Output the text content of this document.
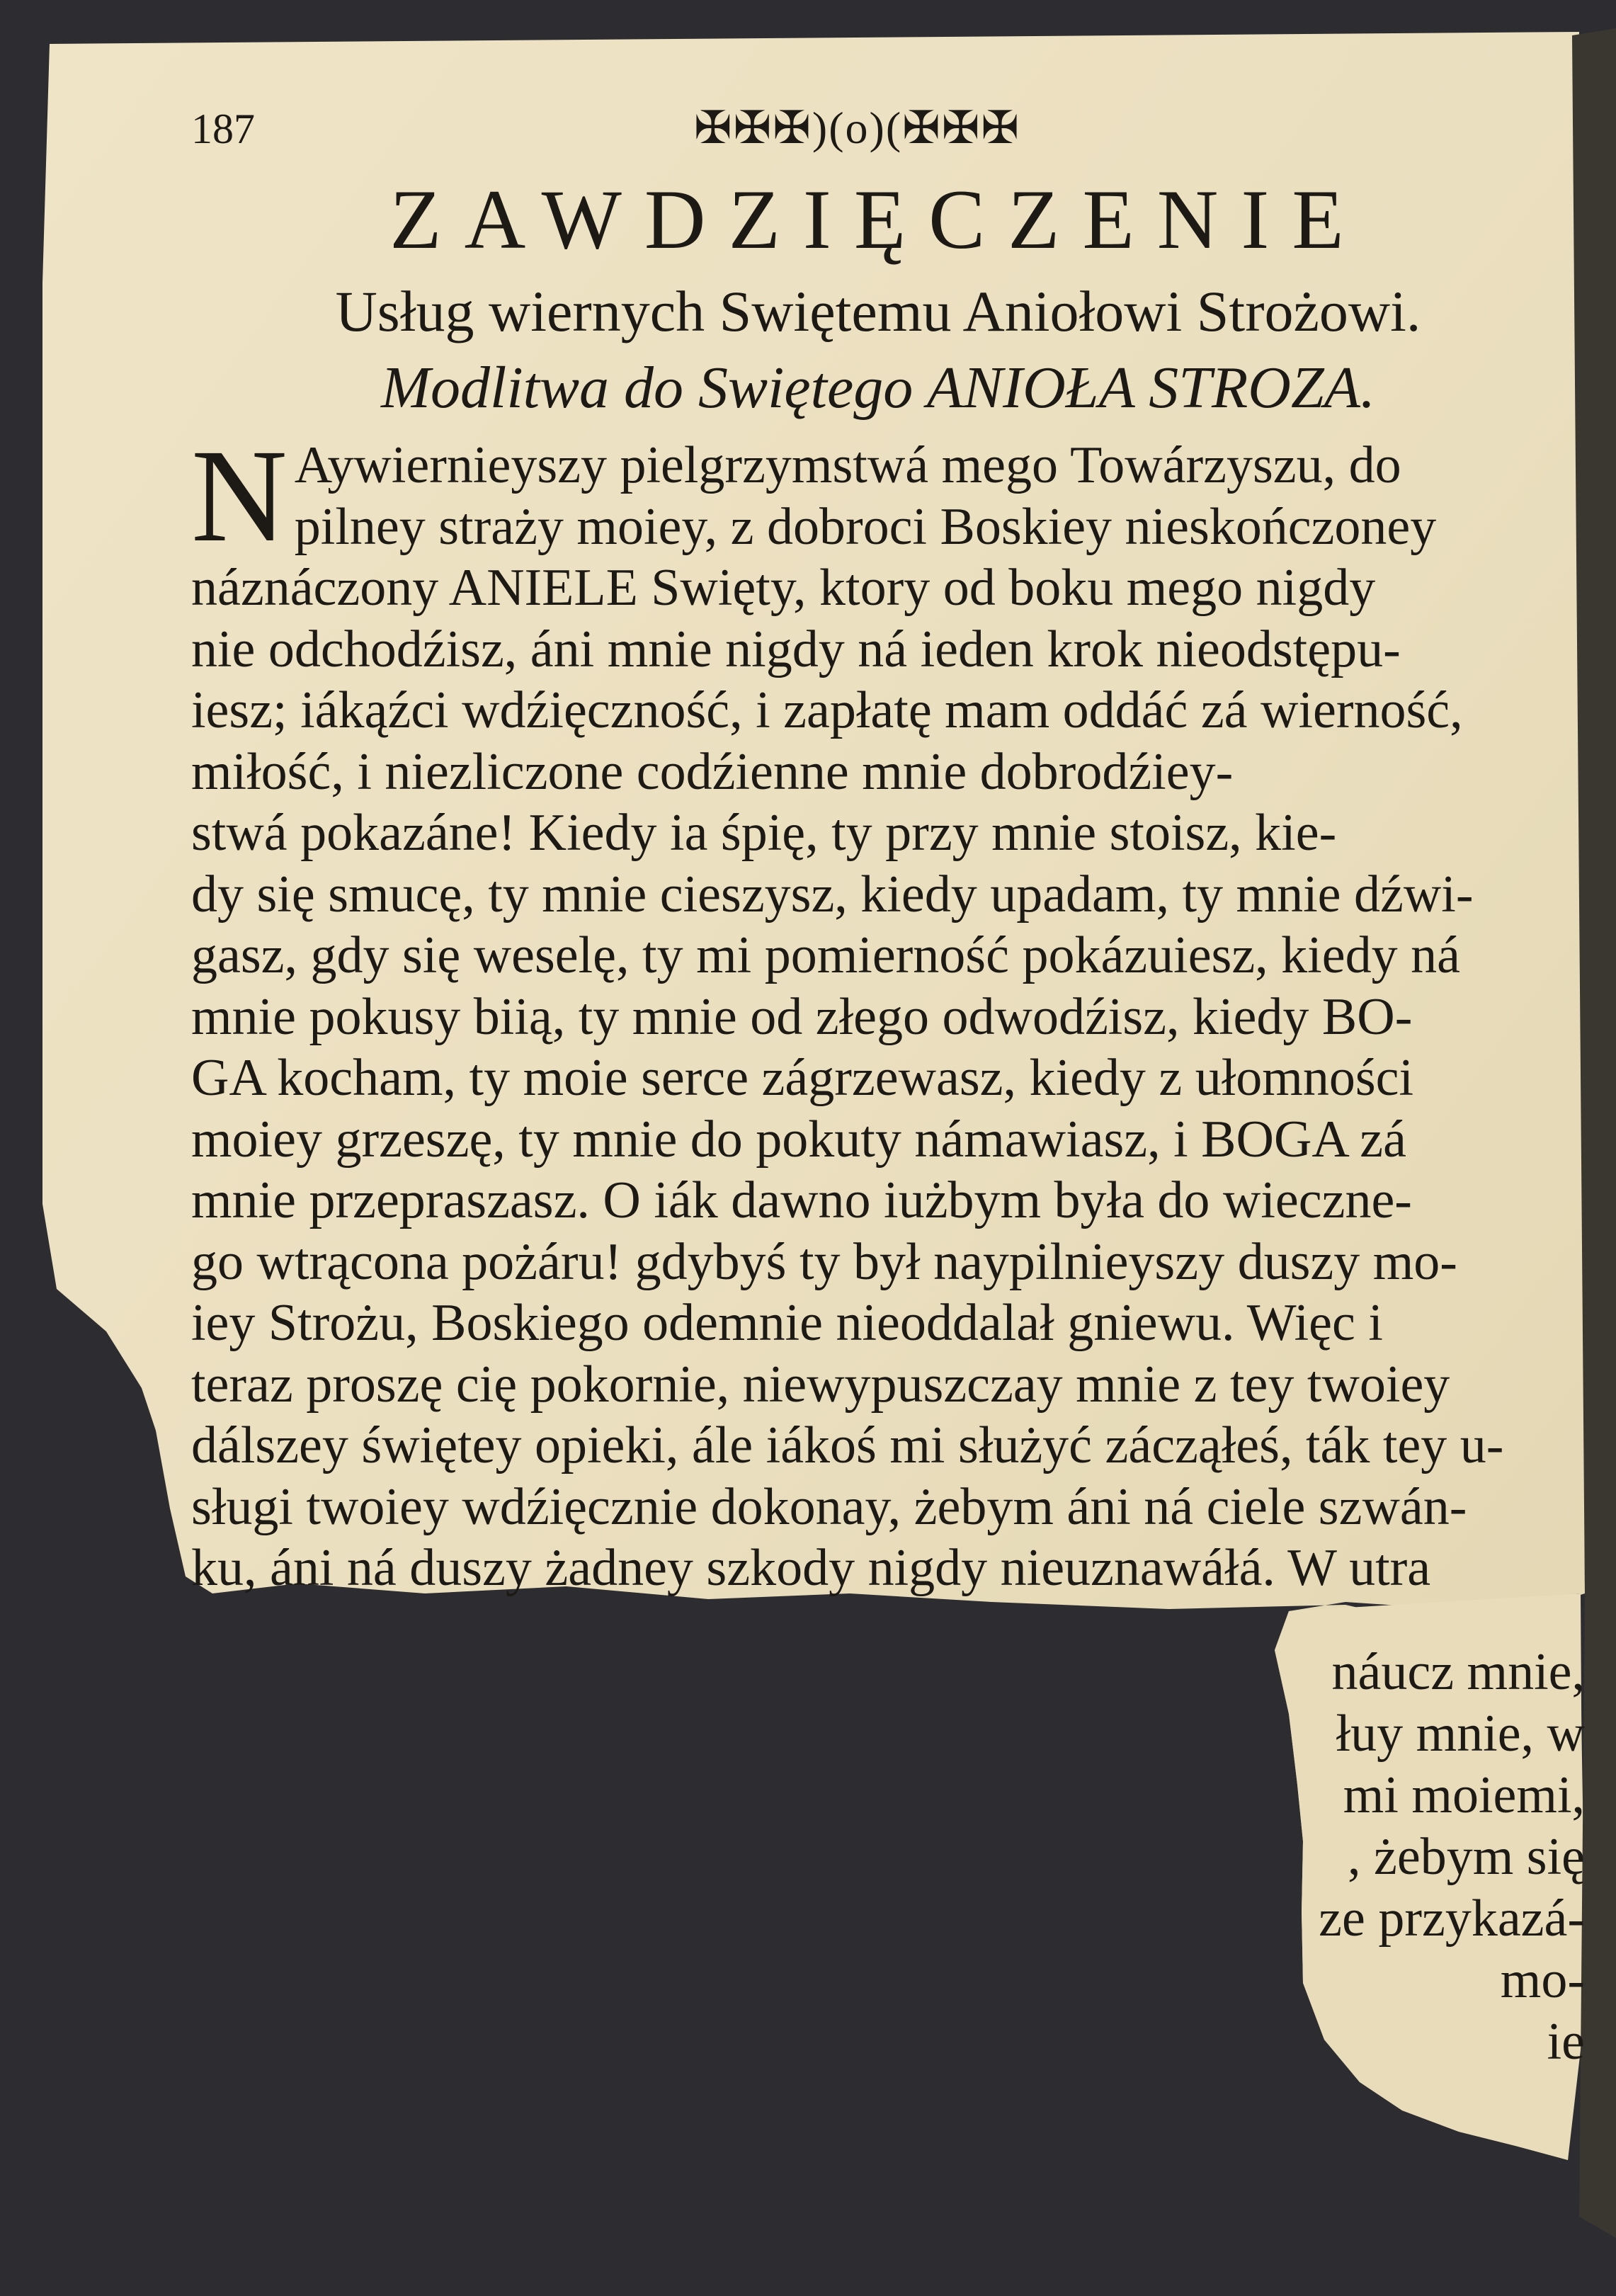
187	✠✠✠)(o)(✠✠✠
ZAWDZIĘCZENIE
Usług wiernych Swiętemu Aniołowi Strożowi.
Modlitwa do Swiętego ANIOŁA STROZA.
N Aywiernieyszy pielgrzymstwá mego Towárzyszu, do
pilney straży moiey, z dobroci Boskiey nieskończoney
náznáczony ANIELE Swięty, ktory od boku mego nigdy
nie odchodźisz, áni mnie nigdy ná ieden krok nieodstępu-
iesz; iákąźci wdźięczność, i zapłatę mam oddáć zá wierność,
miłość, i niezliczone codźienne mnie dobrodźiey-
stwá pokazáne! Kiedy ia śpię, ty przy mnie stoisz, kie-
dy się smucę, ty mnie cieszysz, kiedy upadam, ty mnie dźwi-
gasz, gdy się weselę, ty mi pomierność pokázuiesz, kiedy ná
mnie pokusy biią, ty mnie od złego odwodźisz, kiedy BO-
GA kocham, ty moie serce zágrzewasz, kiedy z ułomności
moiey grzeszę, ty mnie do pokuty námawiasz, i BOGA zá
mnie przepraszasz. O iák dawno iużbym była do wieczne-
go wtrącona pożáru! gdybyś ty był naypilnieyszy duszy mo-
iey Strożu, Boskiego odemnie nieoddalał gniewu. Więc i
teraz proszę cię pokornie, niewypuszczay mnie z tey twoiey
dálszey świętey opieki, ále iákoś mi służyć zácząłeś, ták tey u-
sługi twoiey wdźięcznie dokonay, żebym áni ná ciele szwán-
ku, áni ná duszy żadney szkody nigdy nieuznawáłá. W utra
náucz mnie,
łuy mnie, w
mi moiemi,
, żebym się
ze przykazá-
mo-
ie
